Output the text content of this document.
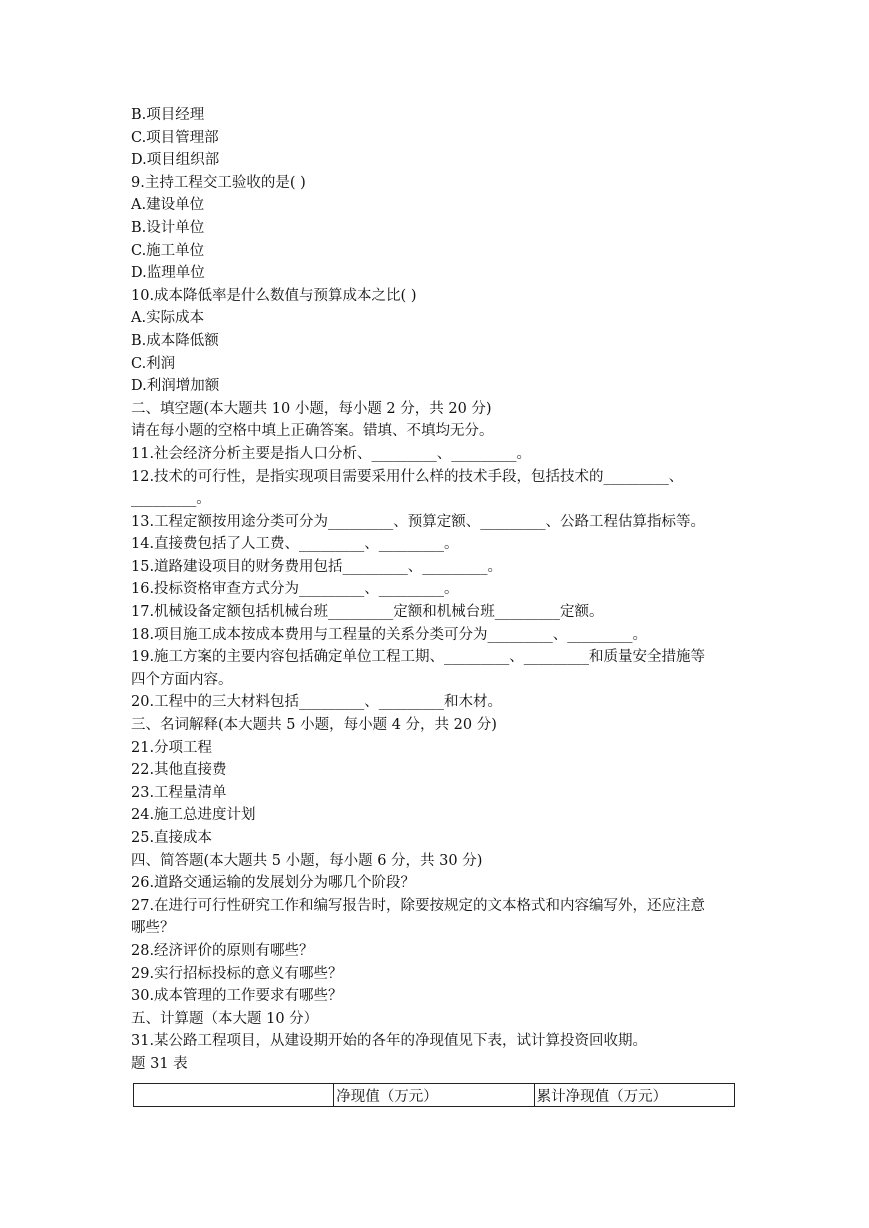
B.项目经理
C.项目管理部
D.项目组织部
9.主持工程交工验收的是( )
A.建设单位
B.设计单位
C.施工单位
D.监理单位
10.成本降低率是什么数值与预算成本之比( )
A.实际成本
B.成本降低额
C.利润
D.利润增加额
二、填空题(本大题共 10 小题，每小题 2 分，共 20 分)
请在每小题的空格中填上正确答案。错填、不填均无分。
11.社会经济分析主要是指人口分析、_________、_________。
12.技术的可行性，是指实现项目需要采用什么样的技术手段，包括技术的_________、
_________。
13.工程定额按用途分类可分为_________、预算定额、_________、公路工程估算指标等。
14.直接费包括了人工费、_________、_________。
15.道路建设项目的财务费用包括_________、_________。
16.投标资格审查方式分为_________、_________。
17.机械设备定额包括机械台班_________定额和机械台班_________定额。
18.项目施工成本按成本费用与工程量的关系分类可分为_________、_________。
19.施工方案的主要内容包括确定单位工程工期、_________、_________和质量安全措施等
四个方面内容。
20.工程中的三大材料包括_________、_________和木材。
三、名词解释(本大题共 5 小题，每小题 4 分，共 20 分)
21.分项工程
22.其他直接费
23.工程量清单
24.施工总进度计划
25.直接成本
四、简答题(本大题共 5 小题，每小题 6 分，共 30 分)
26.道路交通运输的发展划分为哪几个阶段？
27.在进行可行性研究工作和编写报告时，除要按规定的文本格式和内容编写外，还应注意
哪些？
28.经济评价的原则有哪些？
29.实行招标投标的意义有哪些？
30.成本管理的工作要求有哪些？
五、计算题（本大题 10 分）
31.某公路工程项目，从建设期开始的各年的净现值见下表，试计算投资回收期。
题 31 表
	净现值（万元）	累计净现值（万元）
